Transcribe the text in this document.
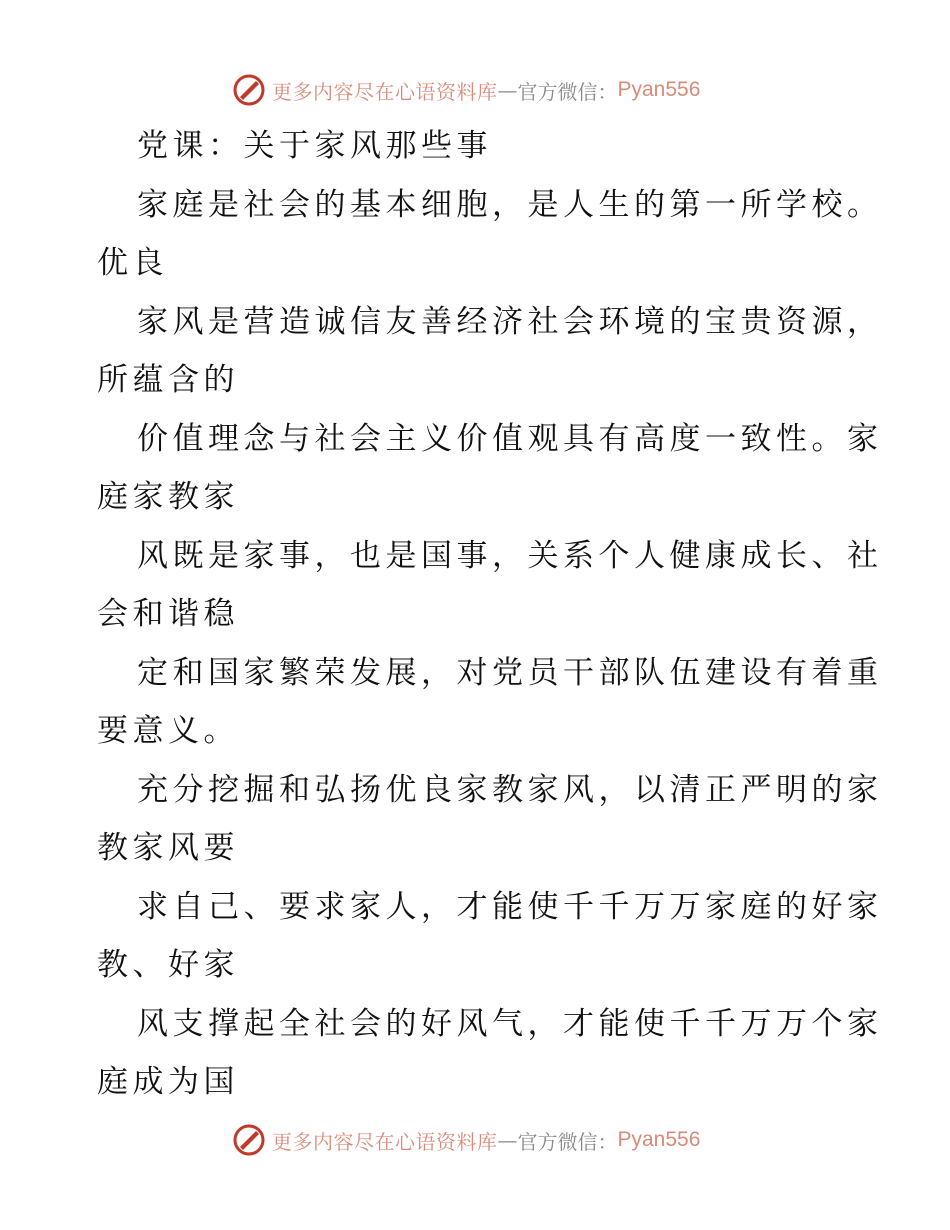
更多内容尽在心语资料库 — 官方微信： Pyan556
党课：关于家风那些事
家庭是社会的基本细胞，是人生的第一所学校。
优良
家风是营造诚信友善经济社会环境的宝贵资源，
所蕴含的
价值理念与社会主义价值观具有高度一致性。家
庭家教家
风既是家事，也是国事，关系个人健康成长、社
会和谐稳
定和国家繁荣发展，对党员干部队伍建设有着重
要意义。
充分挖掘和弘扬优良家教家风，以清正严明的家
教家风要
求自己、要求家人，才能使千千万万家庭的好家
教、好家
风支撑起全社会的好风气，才能使千千万万个家
庭成为国
更多内容尽在心语资料库 — 官方微信： Pyan556
